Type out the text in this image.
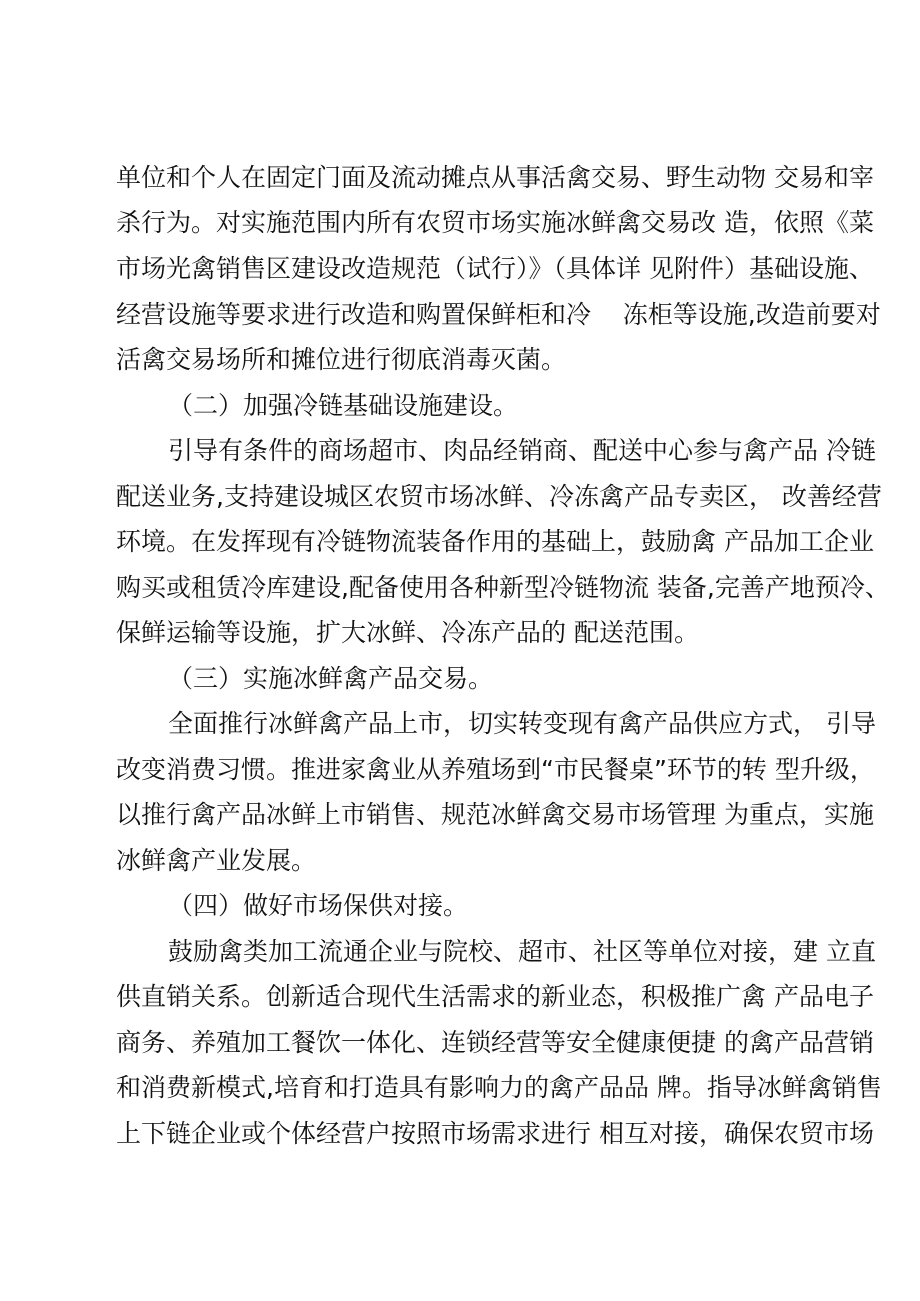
单位和个人在固定门面及流动摊点从事活禽交易、野生动物 交易和宰
杀行为。对实施范围内所有农贸市场实施冰鲜禽交易改 造，依照《菜
市场光禽销售区建设改造规范（试行）》（具体详 见附件）基础设施、
经营设施等要求进行改造和购置保鲜柜和冷    冻柜等设施,改造前要对
活禽交易场所和摊位进行彻底消毒灭菌。
（二）加强冷链基础设施建设。
引导有条件的商场超市、肉品经销商、配送中心参与禽产品 冷链
配送业务,支持建设城区农贸市场冰鲜、冷冻禽产品专卖区， 改善经营
环境。在发挥现有冷链物流装备作用的基础上，鼓励禽 产品加工企业
购买或租赁冷库建设,配备使用各种新型冷链物流 装备,完善产地预冷、
保鲜运输等设施，扩大冰鲜、冷冻产品的 配送范围。
（三）实施冰鲜禽产品交易。
全面推行冰鲜禽产品上市，切实转变现有禽产品供应方式， 引导
改变消费习惯。推进家禽业从养殖场到“市民餐桌”环节的转 型升级，
以推行禽产品冰鲜上市销售、规范冰鲜禽交易市场管理 为重点，实施
冰鲜禽产业发展。
（四）做好市场保供对接。
鼓励禽类加工流通企业与院校、超市、社区等单位对接，建 立直
供直销关系。创新适合现代生活需求的新业态，积极推广禽 产品电子
商务、养殖加工餐饮一体化、连锁经营等安全健康便捷 的禽产品营销
和消费新模式,培育和打造具有影响力的禽产品品 牌。指导冰鲜禽销售
上下链企业或个体经营户按照市场需求进行 相互对接，确保农贸市场
